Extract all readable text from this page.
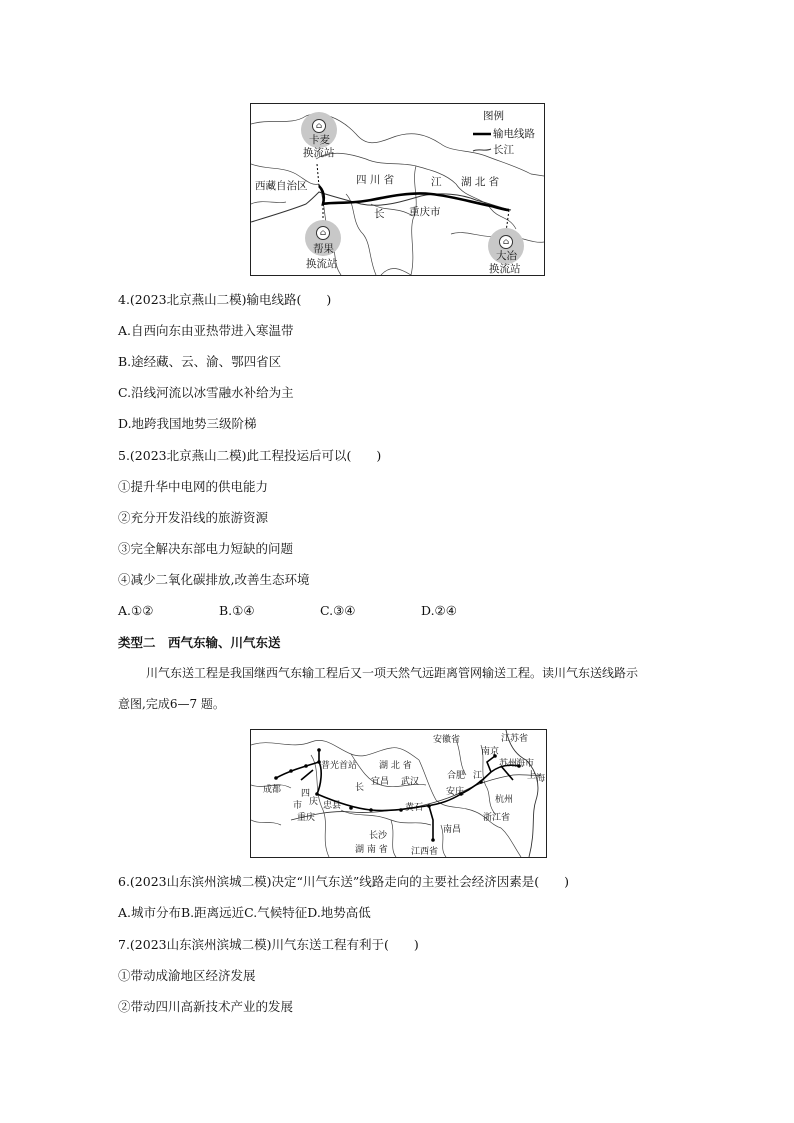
⌂
卡麦
换流站
⌂
帮果
换流站
⌂
大冶
换流站
图例
输电线路
长江
西藏自治区	四 川 省	江 湖 北 省
长 重庆市
4.(2023北京燕山二模)输电线路(　　)
A.自西向东由亚热带进入寒温带
B.途经藏、云、渝、鄂四省区
C.沿线河流以冰雪融水补给为主
D.地跨我国地势三级阶梯
5.(2023北京燕山二模)此工程投运后可以(　　)
①提升华中电网的供电能力
②充分开发沿线的旅游资源
③完全解决东部电力短缺的问题
④减少二氧化碳排放,改善生态环境
A.①②	B.①④	C.③④	D.②④
类型二　西气东输、川气东送
川气东送工程是我国继西气东输工程后又一项天然气远距离管网输送工程。读川气东送线路示
意图,完成6—7 题。
安徽省	江苏省
南京
苏州
海市
上 海
普光首站 湖 北 省
成都 四
宜昌 武汉
合肥 江
安庆
长
杭州
忠县
市 庆
黄石
重庆	浙江省
南昌
长沙
湖 南 省	江西省
6.(2023山东滨州滨城二模)决定“川气东送”线路走向的主要社会经济因素是(　　)
A.城市分布B.距离远近C.气候特征D.地势高低
7.(2023山东滨州滨城二模)川气东送工程有利于(　　)
①带动成渝地区经济发展
②带动四川高新技术产业的发展
